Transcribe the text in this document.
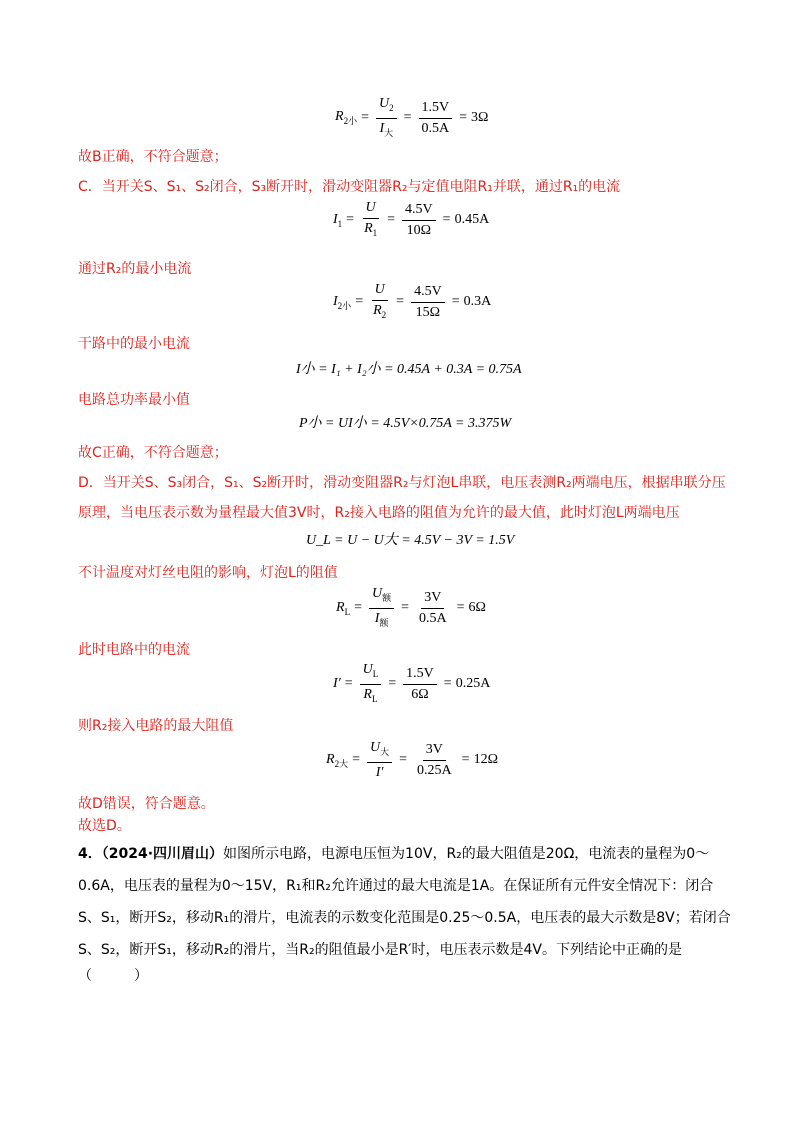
$R_{2小} = \frac{U_2}{I_大} = \frac{1.5V}{0.5A} = 3\Omega$
故B正确，不符合题意；
C．当开关S、S₁、S₂闭合，S₃断开时，滑动变阻器R₂与定值电阻R₁并联，通过R₁的电流
$I_1 = \frac{U}{R_1} = \frac{4.5V}{10\Omega} = 0.45A$
通过R₂的最小电流
$I_{2小} = \frac{U}{R_2} = \frac{4.5V}{15\Omega} = 0.3A$
干路中的最小电流
I小 = I₁ + I₂小 = 0.45A + 0.3A = 0.75A
电路总功率最小值
P小 = UI小 = 4.5V×0.75A = 3.375W
故C正确，不符合题意；
D．当开关S、S₃闭合，S₁、S₂断开时，滑动变阻器R₂与灯泡L串联，电压表测R₂两端电压，根据串联分压
原理，当电压表示数为量程最大值3V时，R₂接入电路的阻值为允许的最大值，此时灯泡L两端电压
U_L = U − U大 = 4.5V − 3V = 1.5V
不计温度对灯丝电阻的影响，灯泡L的阻值
$R_L = \frac{U_额}{I_额} = \frac{3V}{0.5A} = 6\Omega$
此时电路中的电流
$I' = \frac{U_L}{R_L} = \frac{1.5V}{6\Omega} = 0.25A$
则R₂接入电路的最大阻值
$R_{2大} = \frac{U_大}{I'} = \frac{3V}{0.25A} = 12\Omega$
故D错误，符合题意。
故选D。
4．（2024·四川眉山）如图所示电路，电源电压恒为10V，R₂的最大阻值是20Ω，电流表的量程为0～
0.6A，电压表的量程为0～15V，R₁和R₂允许通过的最大电流是1A。在保证所有元件安全情况下：闭合
S、S₁，断开S₂，移动R₁的滑片，电流表的示数变化范围是0.25～0.5A，电压表的最大示数是8V；若闭合
S、S₂，断开S₁，移动R₂的滑片，当R₂的阻值最小是R′时，电压表示数是4V。下列结论中正确的是
（　　　）
